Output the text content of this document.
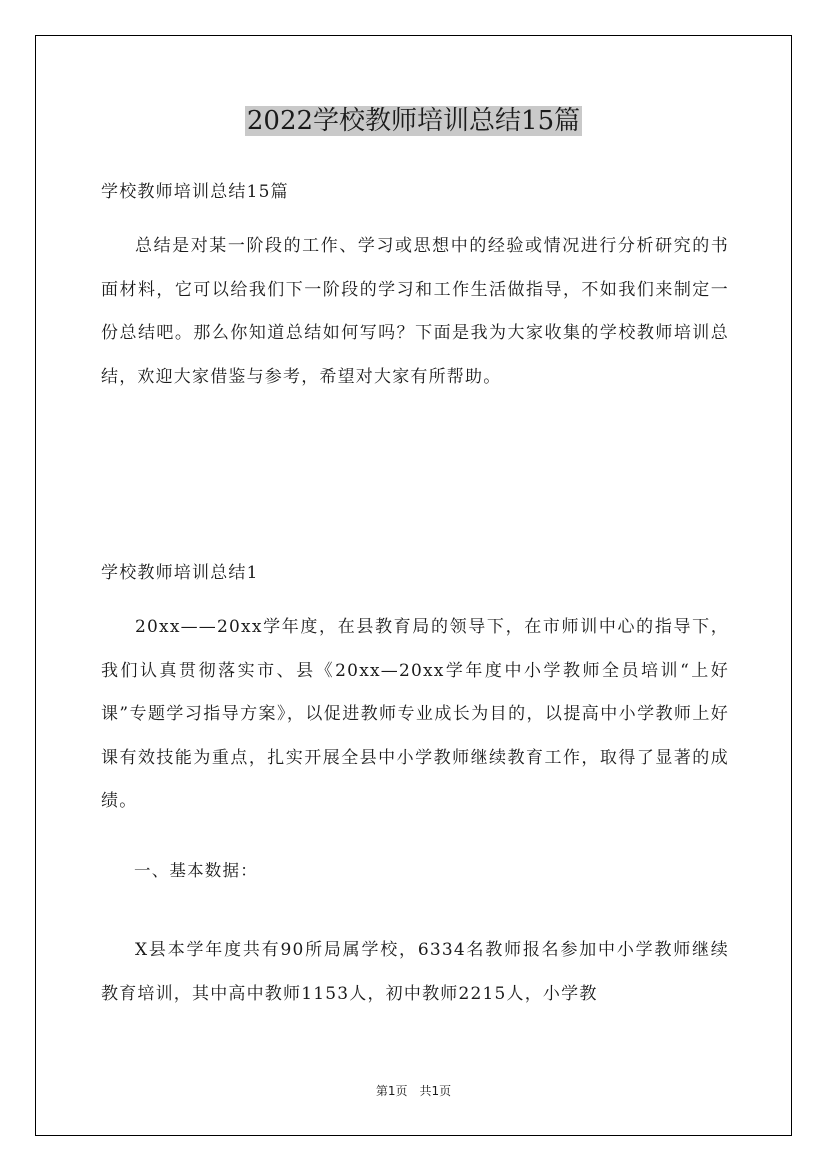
2022学校教师培训总结15篇
学校教师培训总结15篇
总结是对某一阶段的工作、学习或思想中的经验或情况进行分析研究的书面材料，它可以给我们下一阶段的学习和工作生活做指导，不如我们来制定一份总结吧。那么你知道总结如何写吗？下面是我为大家收集的学校教师培训总结，欢迎大家借鉴与参考，希望对大家有所帮助。
学校教师培训总结1
20xx——20xx学年度，在县教育局的领导下，在市师训中心的指导下，我们认真贯彻落实市、县《20xx—20xx学年度中小学教师全员培训“上好课”专题学习指导方案》，以促进教师专业成长为目的，以提高中小学教师上好课有效技能为重点，扎实开展全县中小学教师继续教育工作，取得了显著的成绩。
一、基本数据：
X县本学年度共有90所局属学校，6334名教师报名参加中小学教师继续教育培训，其中高中教师1153人，初中教师2215人，小学教
第1页　共1页
